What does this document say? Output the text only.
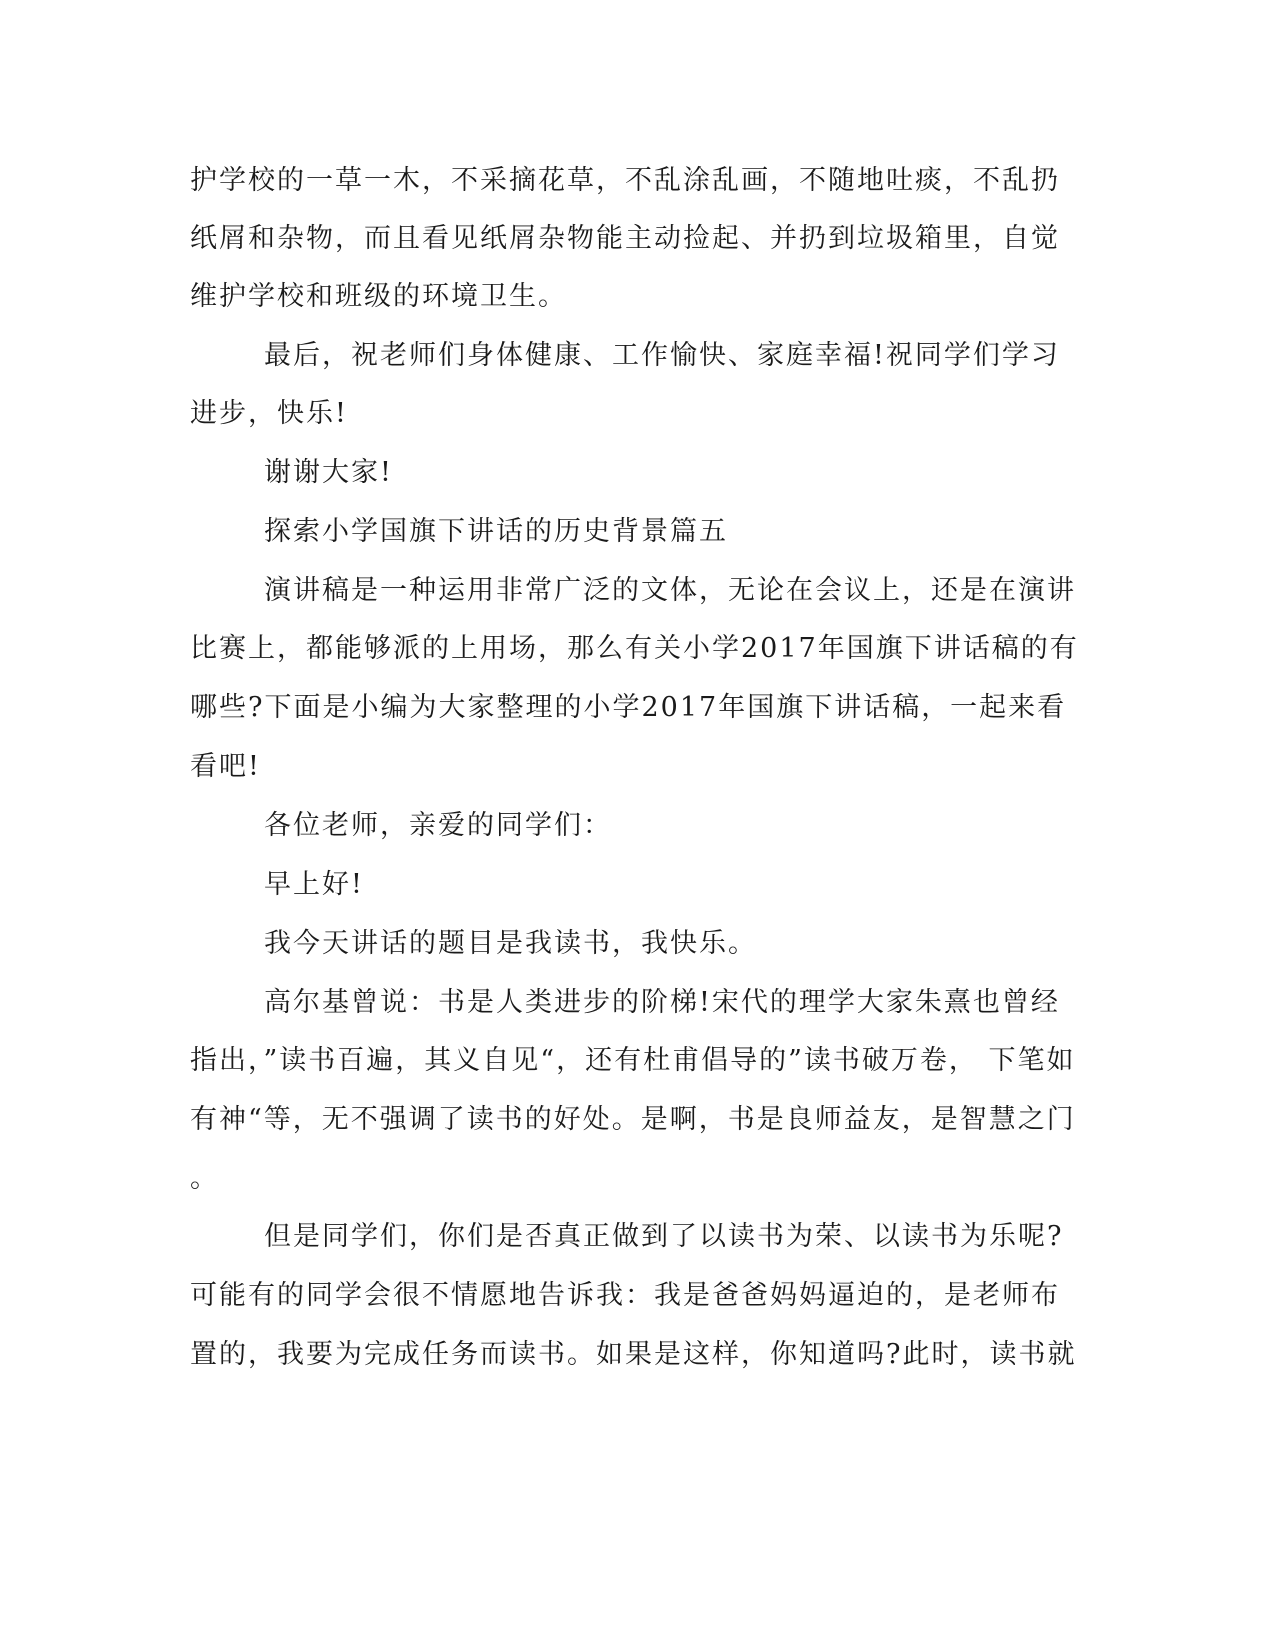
护学校的一草一木，不采摘花草，不乱涂乱画，不随地吐痰，不乱扔
纸屑和杂物，而且看见纸屑杂物能主动捡起、并扔到垃圾箱里，自觉
维护学校和班级的环境卫生。
最后，祝老师们身体健康、工作愉快、家庭幸福!祝同学们学习
进步，快乐!
谢谢大家!
探索小学国旗下讲话的历史背景篇五
演讲稿是一种运用非常广泛的文体，无论在会议上，还是在演讲
比赛上，都能够派的上用场，那么有关小学2017年国旗下讲话稿的有
哪些?下面是小编为大家整理的小学2017年国旗下讲话稿，一起来看
看吧!
各位老师，亲爱的同学们：
早上好!
我今天讲话的题目是我读书，我快乐。
高尔基曾说：书是人类进步的阶梯!宋代的理学大家朱熹也曾经
指出，”读书百遍，其义自见“，还有杜甫倡导的”读书破万卷， 下笔如
有神“等，无不强调了读书的好处。是啊，书是良师益友，是智慧之门
。
但是同学们，你们是否真正做到了以读书为荣、以读书为乐呢?
可能有的同学会很不情愿地告诉我：我是爸爸妈妈逼迫的，是老师布
置的，我要为完成任务而读书。如果是这样，你知道吗?此时，读书就
